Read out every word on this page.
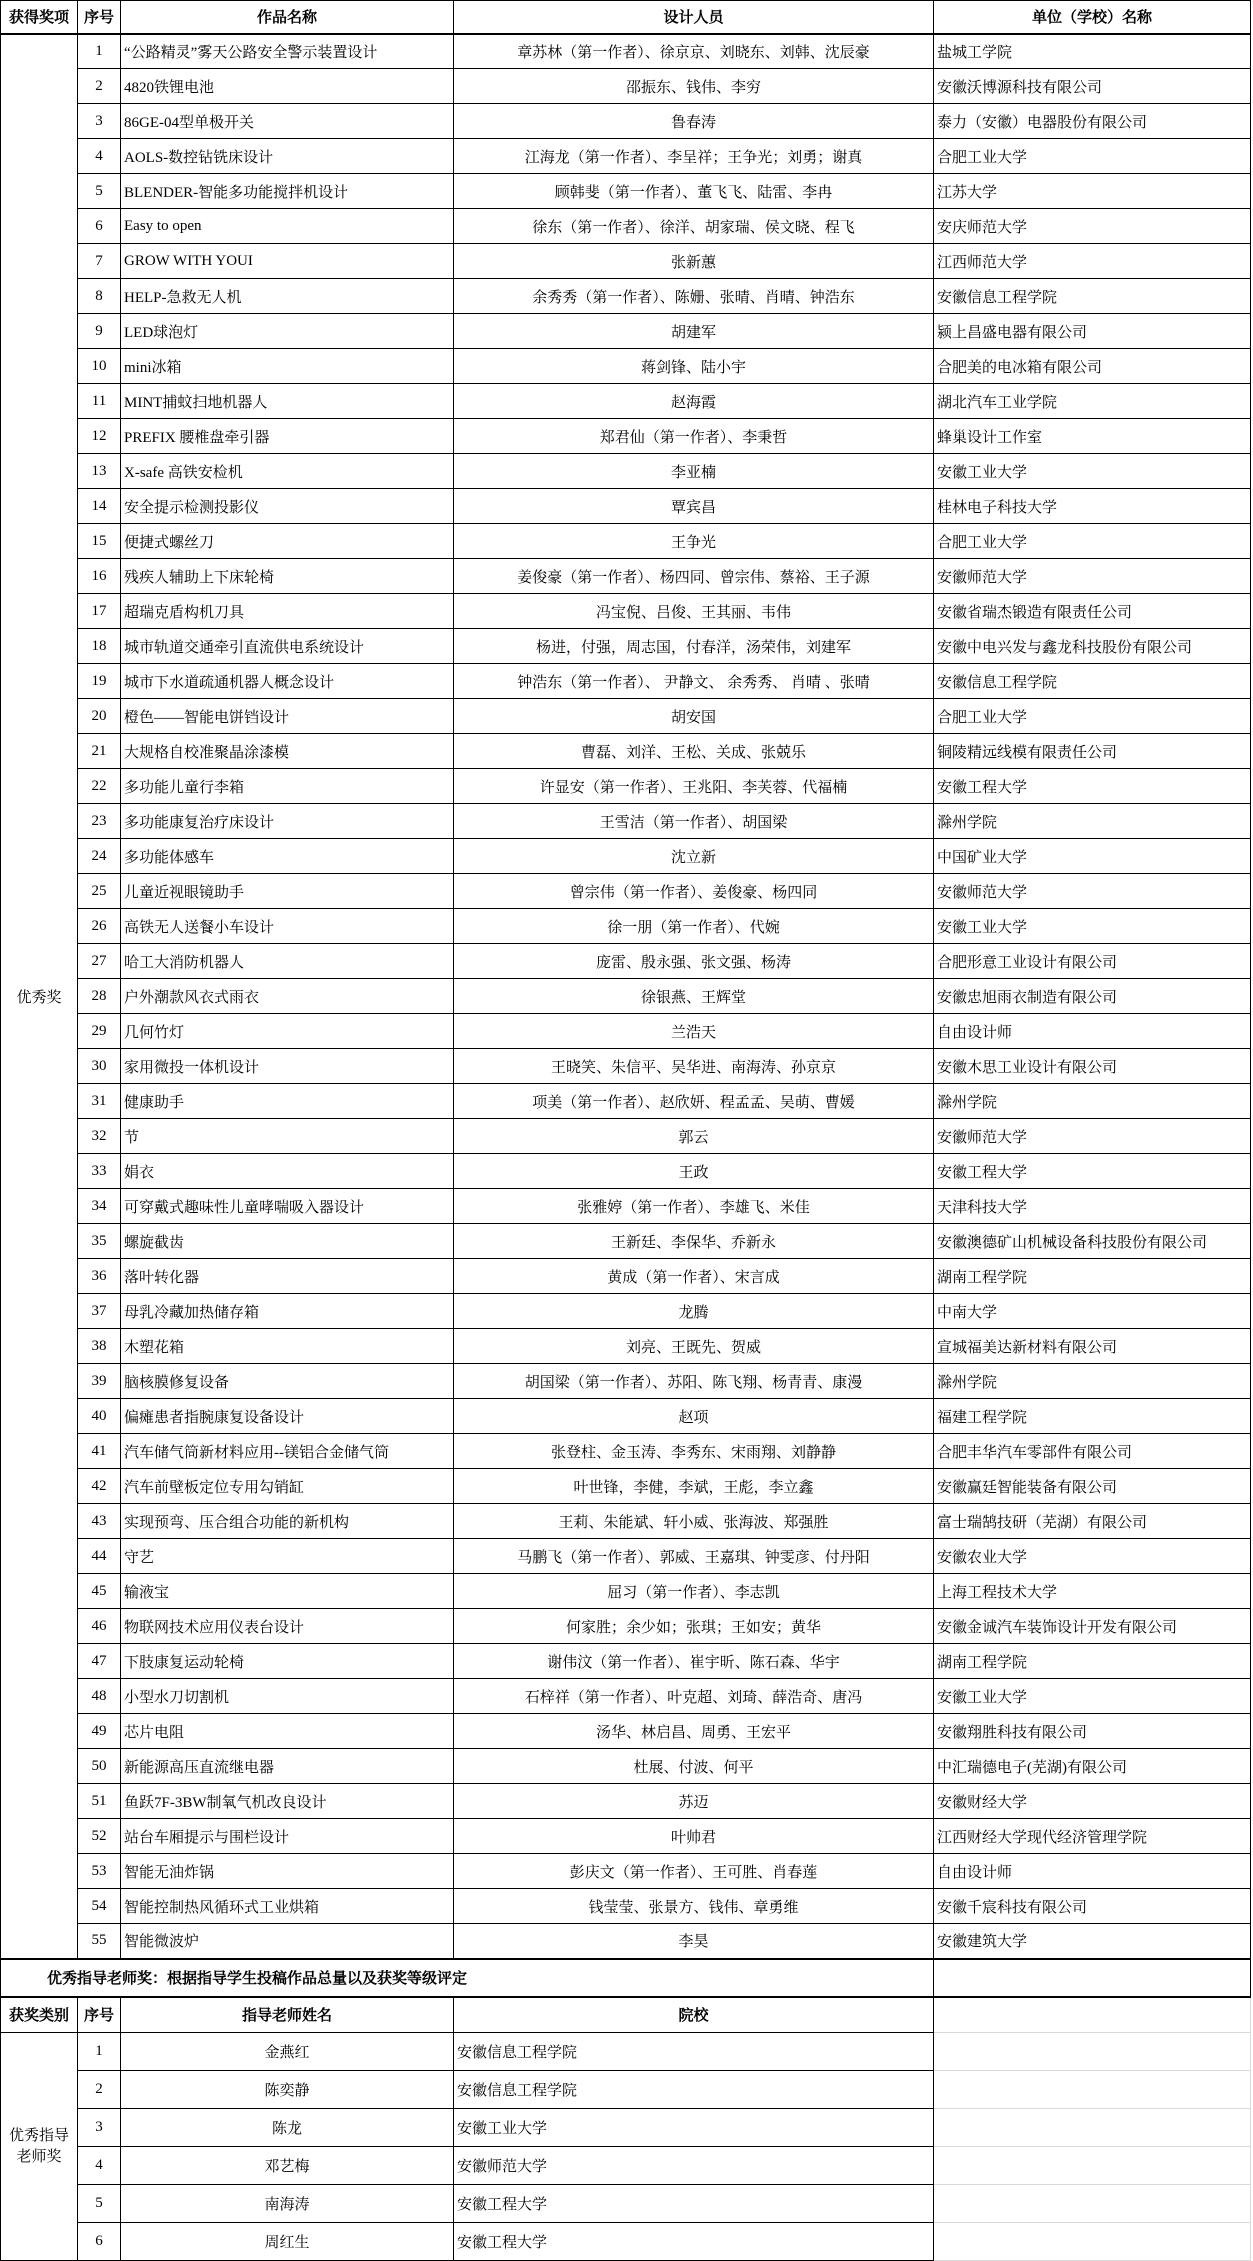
获得奖项	序号	作品名称	设计人员	单位（学校）名称
优秀奖	1	“公路精灵”雾天公路安全警示装置设计	章苏林（第一作者）、徐京京、刘晓东、刘韩、沈辰豪	盐城工学院
	2	4820铁锂电池	邵振东、钱伟、李穷	安徽沃博源科技有限公司
	3	86GE-04型单极开关	鲁春涛	泰力（安徽）电器股份有限公司
	4	AOLS-数控钻铣床设计	江海龙（第一作者）、李呈祥；王争光；刘勇；谢真	合肥工业大学
	5	BLENDER-智能多功能搅拌机设计	顾韩斐（第一作者）、董飞飞、陆雷、李冉	江苏大学
	6	Easy to open	徐东（第一作者）、徐洋、胡家瑞、侯文晓、程飞	安庆师范大学
	7	GROW WITH YOUI	张新蕙	江西师范大学
	8	HELP-急救无人机	余秀秀（第一作者）、陈姗、张晴、肖晴、钟浩东	安徽信息工程学院
	9	LED球泡灯	胡建军	颍上昌盛电器有限公司
	10	mini冰箱	蒋剑锋、陆小宇	合肥美的电冰箱有限公司
	11	MINT捕蚊扫地机器人	赵海霞	湖北汽车工业学院
	12	PREFIX 腰椎盘牵引器	郑君仙（第一作者）、李秉哲	蜂巢设计工作室
	13	X-safe 高铁安检机	李亚楠	安徽工业大学
	14	安全提示检测投影仪	覃宾昌	桂林电子科技大学
	15	便捷式螺丝刀	王争光	合肥工业大学
	16	残疾人辅助上下床轮椅	姜俊豪（第一作者）、杨四同、曾宗伟、蔡裕、王子源	安徽师范大学
	17	超瑞克盾构机刀具	冯宝倪、吕俊、王其丽、韦伟	安徽省瑞杰锻造有限责任公司
	18	城市轨道交通牵引直流供电系统设计	杨进，付强，周志国，付春洋，汤荣伟，刘建军	安徽中电兴发与鑫龙科技股份有限公司
	19	城市下水道疏通机器人概念设计	钟浩东（第一作者）、 尹静文、 余秀秀、 肖晴 、张晴	安徽信息工程学院
	20	橙色——智能电饼铛设计	胡安国	合肥工业大学
	21	大规格自校准聚晶涂漆模	曹磊、刘洋、王松、关成、张兢乐	铜陵精远线模有限责任公司
	22	多功能儿童行李箱	许显安（第一作者）、王兆阳、李芙蓉、代福楠	安徽工程大学
	23	多功能康复治疗床设计	王雪洁（第一作者）、胡国梁	滁州学院
	24	多功能体感车	沈立新	中国矿业大学
	25	儿童近视眼镜助手	曾宗伟（第一作者）、姜俊豪、杨四同	安徽师范大学
	26	高铁无人送餐小车设计	徐一朋（第一作者）、代婉	安徽工业大学
	27	哈工大消防机器人	庞雷、殷永强、张文强、杨涛	合肥形意工业设计有限公司
	28	户外潮款风衣式雨衣	徐银燕、王辉堂	安徽忠旭雨衣制造有限公司
	29	几何竹灯	兰浩天	自由设计师
	30	家用微投一体机设计	王晓笑、朱信平、吴华进、南海涛、孙京京	安徽木思工业设计有限公司
	31	健康助手	项美（第一作者）、赵欣妍、程孟孟、吴萌、曹媛	滁州学院
	32	节	郭云	安徽师范大学
	33	娟衣	王政	安徽工程大学
	34	可穿戴式趣味性儿童哮喘吸入器设计	张雅婷（第一作者）、李雄飞、米佳	天津科技大学
	35	螺旋截齿	王新廷、李保华、乔新永	安徽澳德矿山机械设备科技股份有限公司
	36	落叶转化器	黄成（第一作者）、宋言成	湖南工程学院
	37	母乳冷藏加热储存箱	龙腾	中南大学
	38	木塑花箱	刘亮、王既先、贺威	宣城福美达新材料有限公司
	39	脑核膜修复设备	胡国梁（第一作者）、苏阳、陈飞翔、杨青青、康漫	滁州学院
	40	偏瘫患者指腕康复设备设计	赵项	福建工程学院
	41	汽车储气筒新材料应用--镁铝合金储气筒	张登柱、金玉涛、李秀东、宋雨翔、刘静静	合肥丰华汽车零部件有限公司
	42	汽车前壁板定位专用勾销缸	叶世锋，李健，李斌，王彪，李立鑫	安徽赢廷智能装备有限公司
	43	实现预弯、压合组合功能的新机构	王莉、朱能斌、轩小威、张海波、郑强胜	富士瑞鹄技研（芜湖）有限公司
	44	守艺	马鹏飞（第一作者）、郭威、王嘉琪、钟雯彦、付丹阳	安徽农业大学
	45	输液宝	屈习（第一作者）、李志凯	上海工程技术大学
	46	物联网技术应用仪表台设计	何家胜；余少如；张琪；王如安；黄华	安徽金诚汽车装饰设计开发有限公司
	47	下肢康复运动轮椅	谢伟汶（第一作者）、崔宇昕、陈石森、华宇	湖南工程学院
	48	小型水刀切割机	石梓祥（第一作者）、叶克超、刘琦、薛浩奇、唐冯	安徽工业大学
	49	芯片电阻	汤华、林启昌、周勇、王宏平	安徽翔胜科技有限公司
	50	新能源高压直流继电器	杜展、付波、何平	中汇瑞德电子(芜湖)有限公司
	51	鱼跃7F-3BW制氧气机改良设计	苏迈	安徽财经大学
	52	站台车厢提示与围栏设计	叶帅君	江西财经大学现代经济管理学院
	53	智能无油炸锅	彭庆文（第一作者）、王可胜、肖春莲	自由设计师
	54	智能控制热风循环式工业烘箱	钱莹莹、张景方、钱伟、章勇维	安徽千宸科技有限公司
	55	智能微波炉	李昊	安徽建筑大学
优秀指导老师奖：根据指导学生投稿作品总量以及获奖等级评定				
获奖类别	序号	指导老师姓名	院校	
优秀指导老师奖	1	金燕红	安徽信息工程学院	
	2	陈奕静	安徽信息工程学院	
	3	陈龙	安徽工业大学	
	4	邓艺梅	安徽师范大学	
	5	南海涛	安徽工程大学	
	6	周红生	安徽工程大学	
